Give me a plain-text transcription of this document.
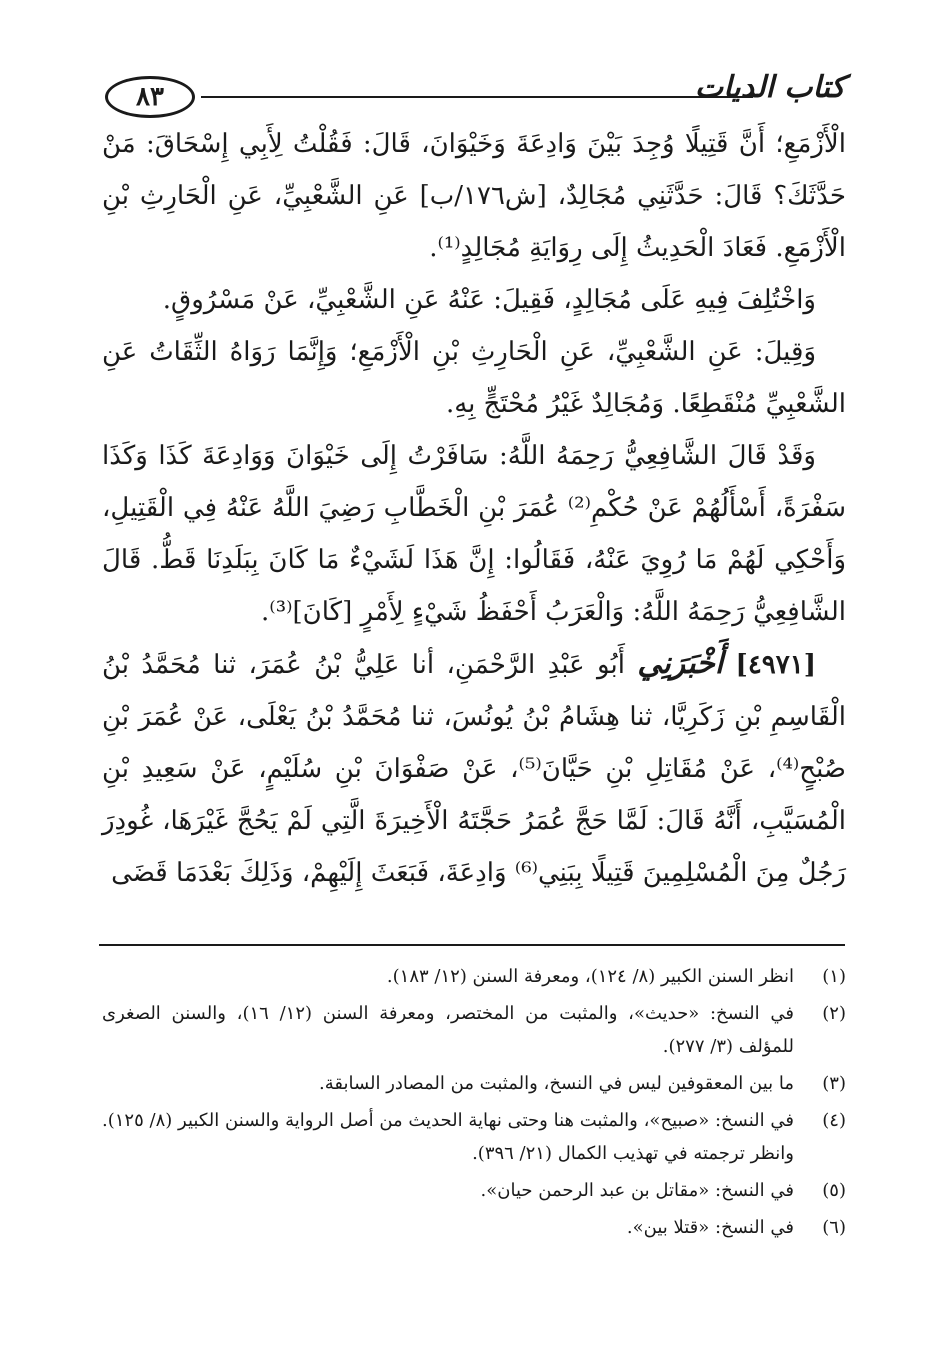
٨٣	كتاب الديات

الْأَزْمَعِ؛ أَنَّ قَتِيلًا وُجِدَ بَيْنَ وَادِعَةَ وَخَيْوَانَ، قَالَ: فَقُلْتُ لِأَبِي إِسْحَاقَ: مَنْ حَدَّثَكَ؟ قَالَ: حَدَّثَنِي مُجَالِدٌ، [ش١٧٦/ب] عَنِ الشَّعْبِيِّ، عَنِ الْحَارِثِ بْنِ الْأَزْمَعِ. فَعَادَ الْحَدِيثُ إِلَى رِوَايَةِ مُجَالِدٍ⁽¹⁾.

وَاخْتُلِفَ فِيهِ عَلَى مُجَالِدٍ، فَقِيلَ: عَنْهُ عَنِ الشَّعْبِيِّ، عَنْ مَسْرُوقٍ.

وَقِيلَ: عَنِ الشَّعْبِيِّ، عَنِ الْحَارِثِ بْنِ الْأَزْمَعِ؛ وَإِنَّمَا رَوَاهُ الثِّقَاتُ عَنِ الشَّعْبِيِّ مُنْقَطِعًا. وَمُجَالِدٌ غَيْرُ مُحْتَجٍّ بِهِ.

وَقَدْ قَالَ الشَّافِعِيُّ رَحِمَهُ اللَّهُ: سَافَرْتُ إِلَى خَيْوَانَ وَوَادِعَةَ كَذَا وَكَذَا سَفْرَةً، أَسْأَلُهُمْ عَنْ حُكْمِ⁽²⁾ عُمَرَ بْنِ الْخَطَّابِ رَضِيَ اللَّهُ عَنْهُ فِي الْقَتِيلِ، وَأَحْكِي لَهُمْ مَا رُوِيَ عَنْهُ، فَقَالُوا: إِنَّ هَذَا لَشَيْءٌ مَا كَانَ بِبَلَدِنَا قَطُّ. قَالَ الشَّافِعِيُّ رَحِمَهُ اللَّهُ: وَالْعَرَبُ أَحْفَظُ شَيْءٍ لِأَمْرٍ [كَانَ]⁽³⁾.

[٤٩٧١] أَخْبَرَنِي أَبُو عَبْدِ الرَّحْمَنِ، أنا عَلِيُّ بْنُ عُمَرَ، ثنا مُحَمَّدُ بْنُ الْقَاسِمِ بْنِ زَكَرِيَّا، ثنا هِشَامُ بْنُ يُونُسَ، ثنا مُحَمَّدُ بْنُ يَعْلَى، عَنْ عُمَرَ بْنِ صُبْحٍ⁽⁴⁾، عَنْ مُقَاتِلِ بْنِ حَيَّانَ⁽⁵⁾، عَنْ صَفْوَانَ بْنِ سُلَيْمٍ، عَنْ سَعِيدِ بْنِ الْمُسَيَّبِ، أَنَّهُ قَالَ: لَمَّا حَجَّ عُمَرُ حَجَّتَهُ الْأَخِيرَةَ الَّتِي لَمْ يَحُجَّ غَيْرَهَا، غُودِرَ رَجُلٌ مِنَ الْمُسْلِمِينَ قَتِيلًا بِبَنِي⁽⁶⁾ وَادِعَةَ، فَبَعَثَ إِلَيْهِمْ، وَذَلِكَ بَعْدَمَا قَضَى

(١)
انظر السنن الكبير (٨/ ١٢٤)، ومعرفة السنن (١٢/ ١٨٣).
(٢)
في النسخ: «حديث»، والمثبت من المختصر، ومعرفة السنن (١٢/ ١٦)، والسنن الصغرى للمؤلف (٣/ ٢٧٧).
(٣)
ما بين المعقوفين ليس في النسخ، والمثبت من المصادر السابقة.
(٤)
في النسخ: «صبيح»، والمثبت هنا وحتى نهاية الحديث من أصل الرواية والسنن الكبير (٨/ ١٢٥). وانظر ترجمته في تهذيب الكمال (٢١/ ٣٩٦).
(٥)
في النسخ: «مقاتل بن عبد الرحمن حيان».
(٦)
في النسخ: «قتلا بين».
